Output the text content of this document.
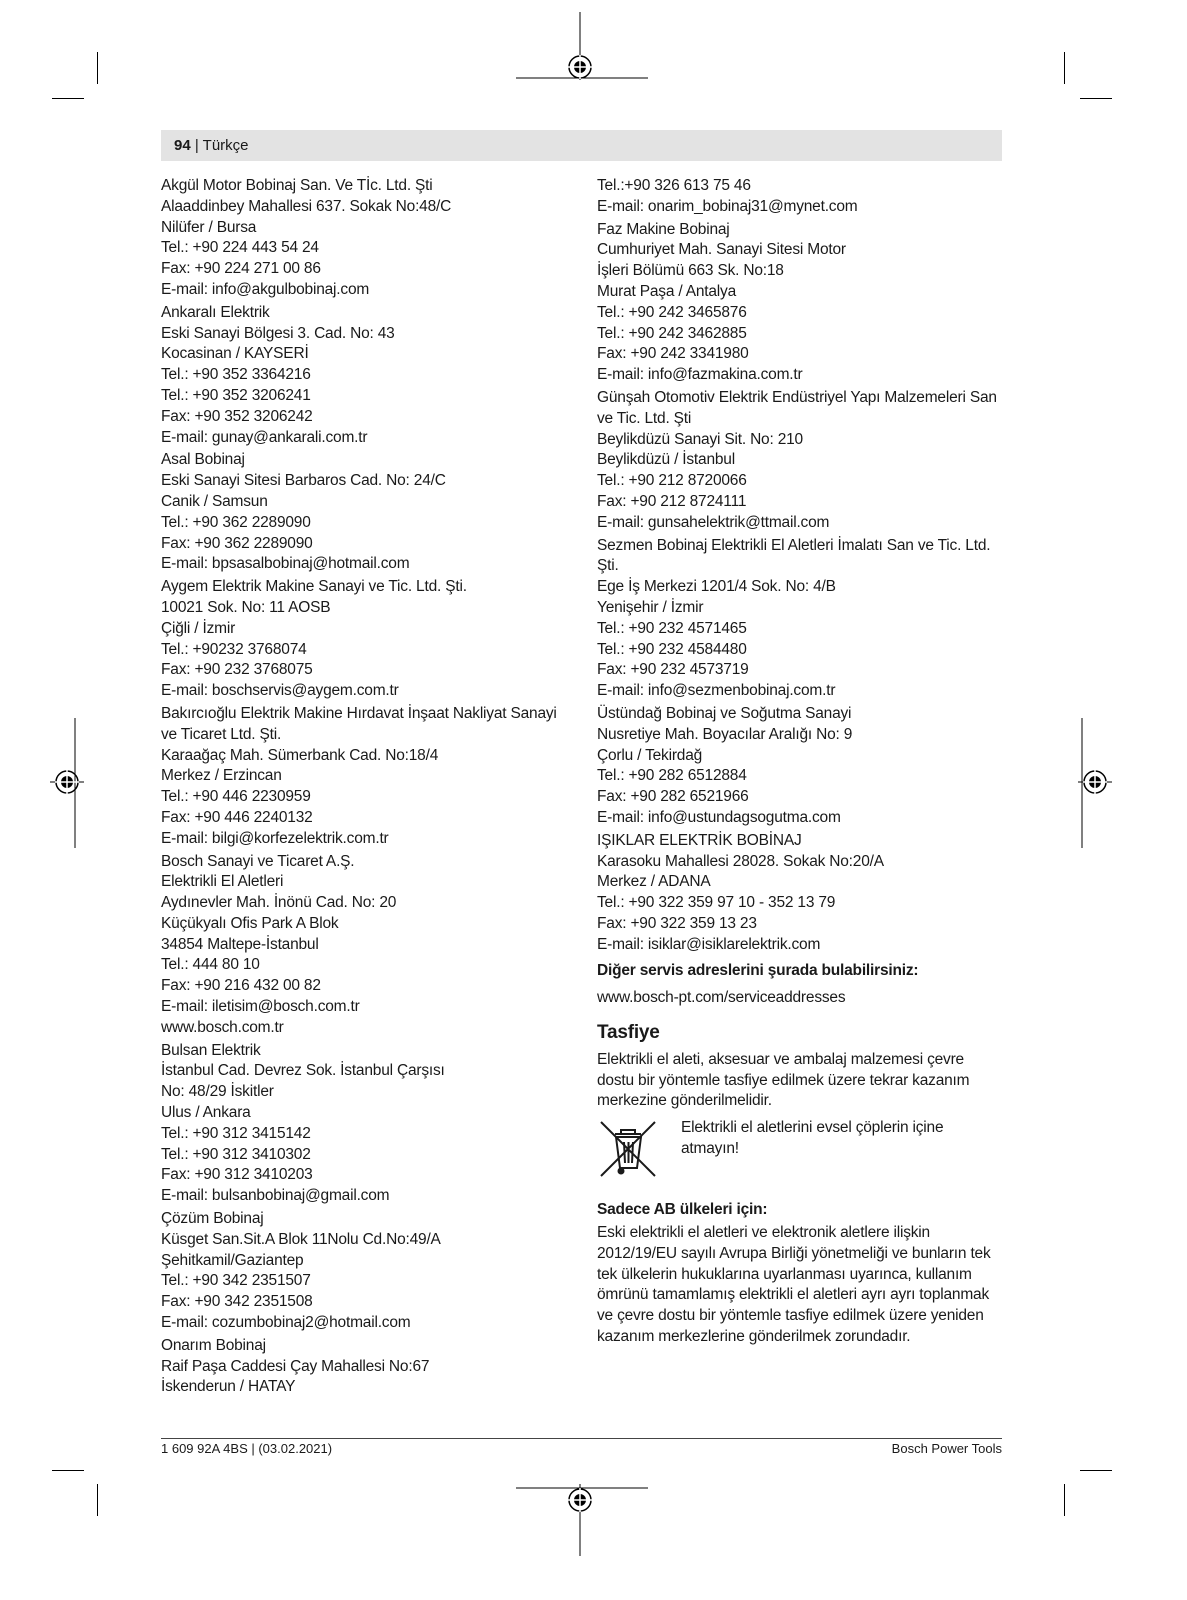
94 | Türkçe
Akgül Motor Bobinaj San. Ve Tİc. Ltd. Şti
Alaaddinbey Mahallesi 637. Sokak No:48/C
Nilüfer / Bursa
Tel.: +90 224 443 54 24
Fax: +90 224 271 00 86
E-mail: info@akgulbobinaj.com
Ankaralı Elektrik
Eski Sanayi Bölgesi 3. Cad. No: 43
Kocasinan / KAYSERİ
Tel.: +90 352 3364216
Tel.: +90 352 3206241
Fax: +90 352 3206242
E-mail: gunay@ankarali.com.tr
Asal Bobinaj
Eski Sanayi Sitesi Barbaros Cad. No: 24/C
Canik / Samsun
Tel.: +90 362 2289090
Fax: +90 362 2289090
E-mail: bpsasalbobinaj@hotmail.com
Aygem Elektrik Makine Sanayi ve Tic. Ltd. Şti.
10021 Sok. No: 11 AOSB
Çiğli / İzmir
Tel.: +90232 3768074
Fax: +90 232 3768075
E-mail: boschservis@aygem.com.tr
Bakırcıoğlu Elektrik Makine Hırdavat İnşaat Nakliyat Sanayi
ve Ticaret Ltd. Şti.
Karaağaç Mah. Sümerbank Cad. No:18/4
Merkez / Erzincan
Tel.: +90 446 2230959
Fax: +90 446 2240132
E-mail: bilgi@korfezelektrik.com.tr
Bosch Sanayi ve Ticaret A.Ş.
Elektrikli El Aletleri
Aydınevler Mah. İnönü Cad. No: 20
Küçükyalı Ofis Park A Blok
34854 Maltepe-İstanbul
Tel.: 444 80 10
Fax: +90 216 432 00 82
E-mail: iletisim@bosch.com.tr
www.bosch.com.tr
Bulsan Elektrik
İstanbul Cad. Devrez Sok. İstanbul Çarşısı
No: 48/29 İskitler
Ulus / Ankara
Tel.: +90 312 3415142
Tel.: +90 312 3410302
Fax: +90 312 3410203
E-mail: bulsanbobinaj@gmail.com
Çözüm Bobinaj
Küsget San.Sit.A Blok 11Nolu Cd.No:49/A
Şehitkamil/Gaziantep
Tel.: +90 342 2351507
Fax: +90 342 2351508
E-mail: cozumbobinaj2@hotmail.com
Onarım Bobinaj
Raif Paşa Caddesi Çay Mahallesi No:67
İskenderun / HATAY
Tel.:+90 326 613 75 46
E-mail: onarim_bobinaj31@mynet.com
Faz Makine Bobinaj
Cumhuriyet Mah. Sanayi Sitesi Motor
İşleri Bölümü 663 Sk. No:18
Murat Paşa / Antalya
Tel.: +90 242 3465876
Tel.: +90 242 3462885
Fax: +90 242 3341980
E-mail: info@fazmakina.com.tr
Günşah Otomotiv Elektrik Endüstriyel Yapı Malzemeleri San
ve Tic. Ltd. Şti
Beylikdüzü Sanayi Sit. No: 210
Beylikdüzü / İstanbul
Tel.: +90 212 8720066
Fax: +90 212 8724111
E-mail: gunsahelektrik@ttmail.com
Sezmen Bobinaj Elektrikli El Aletleri İmalatı San ve Tic. Ltd.
Şti.
Ege İş Merkezi 1201/4 Sok. No: 4/B
Yenişehir / İzmir
Tel.: +90 232 4571465
Tel.: +90 232 4584480
Fax: +90 232 4573719
E-mail: info@sezmenbobinaj.com.tr
Üstündağ Bobinaj ve Soğutma Sanayi
Nusretiye Mah. Boyacılar Aralığı No: 9
Çorlu / Tekirdağ
Tel.: +90 282 6512884
Fax: +90 282 6521966
E-mail: info@ustundagsogutma.com
IŞIKLAR ELEKTRİK BOBİNAJ
Karasoku Mahallesi 28028. Sokak No:20/A
Merkez / ADANA
Tel.: +90 322 359 97 10 - 352 13 79
Fax: +90 322 359 13 23
E-mail: isiklar@isiklarelektrik.com
Diğer servis adreslerini şurada bulabilirsiniz:
www.bosch-pt.com/serviceaddresses
Tasfiye

Elektrikli el aleti, aksesuar ve ambalaj malzemesi çevre dostu bir yöntemle tasfiye edilmek üzere tekrar kazanım merkezine gönderilmelidir.

Elektrikli el aletlerini evsel çöplerin içine atmayın!
Sadece AB ülkeleri için:

Eski elektrikli el aletleri ve elektronik aletlere ilişkin 2012/19/EU sayılı Avrupa Birliği yönetmeliği ve bunların tek tek ülkelerin hukuklarına uyarlanması uyarınca, kullanım ömrünü tamamlamış elektrikli el aletleri ayrı ayrı toplanmak ve çevre dostu bir yöntemle tasfiye edilmek üzere yeniden kazanım merkezlerine gönderilmek zorundadır.

1 609 92A 4BS | (03.02.2021)	Bosch Power Tools
